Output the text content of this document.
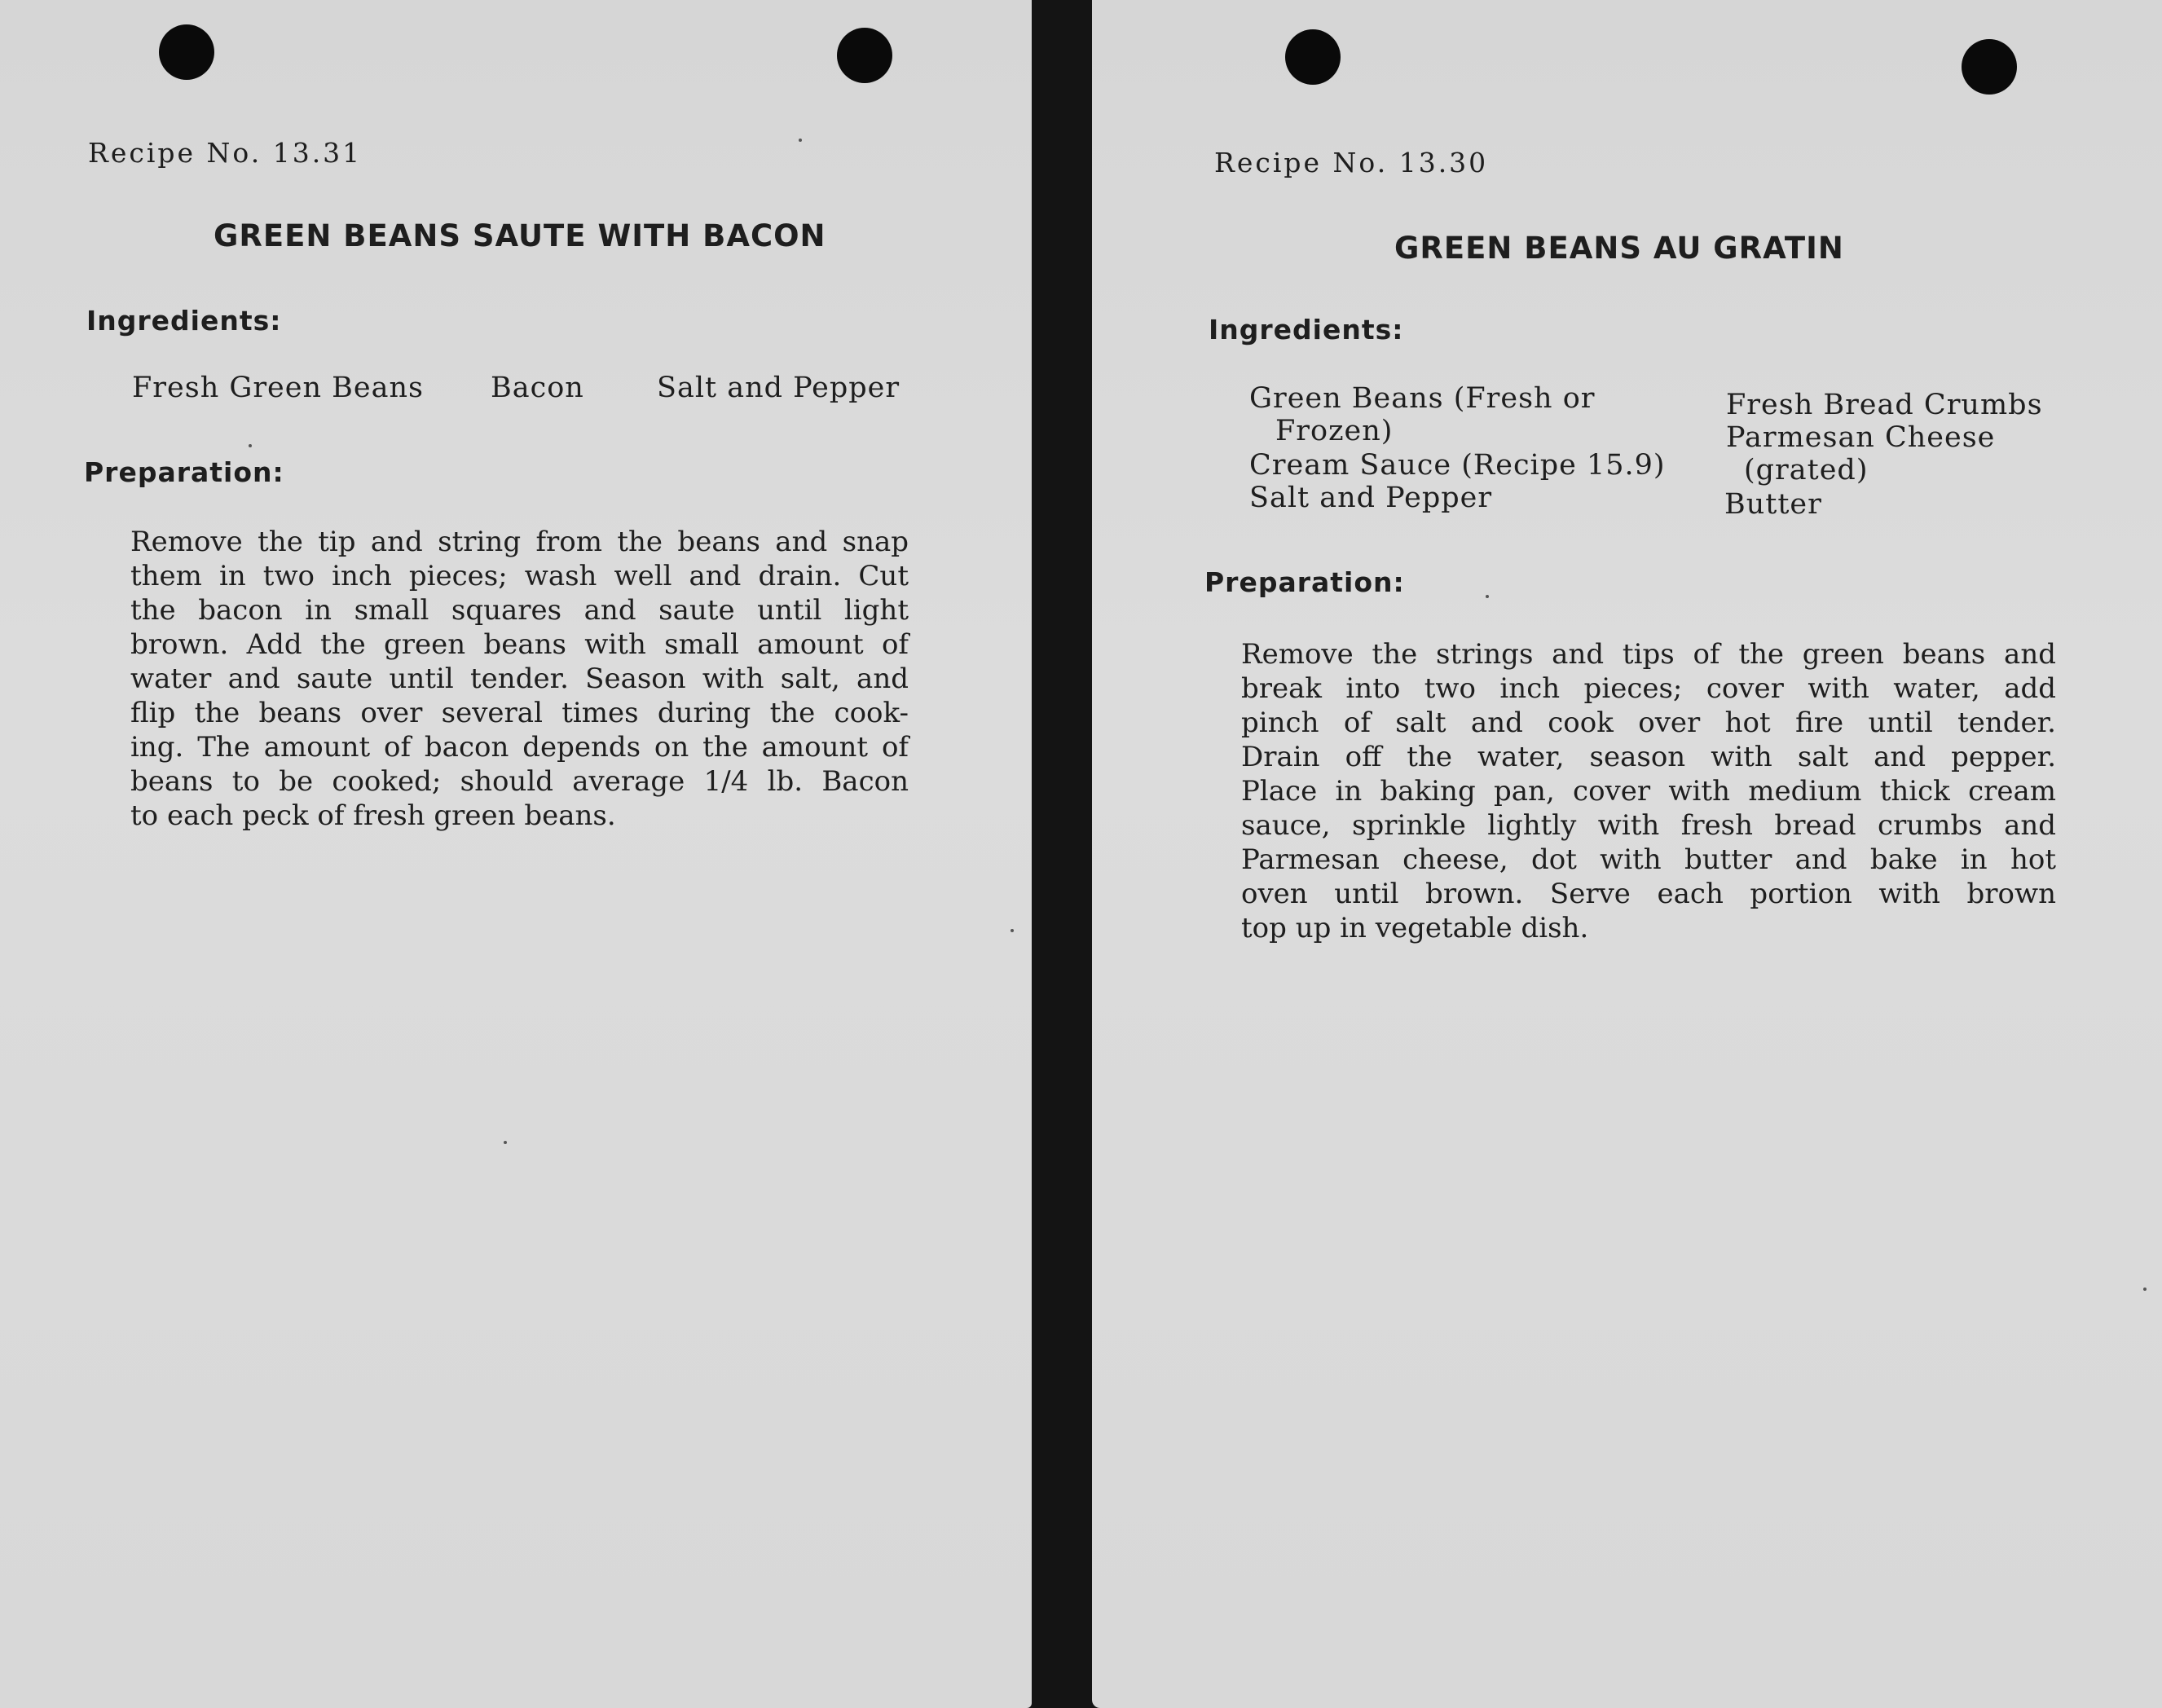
Recipe No. 13.31
GREEN BEANS SAUTE WITH BACON
Ingredients:
Fresh Green Beans Bacon	Salt and Pepper
Preparation:
Remove the tip and string from the beans and snap
them in two inch pieces; wash well and drain. Cut
the bacon in small squares and saute until light
brown. Add the green beans with small amount of
water and saute until tender. Season with salt, and
flip the beans over several times during the cook-
ing. The amount of bacon depends on the amount of
beans to be cooked; should average 1/4 lb. Bacon
to each peck of fresh green beans.
Recipe No. 13.30
GREEN BEANS AU GRATIN
Ingredients:
Green Beans (Fresh or
Frozen)
Cream Sauce (Recipe 15.9)
Salt and Pepper
Fresh Bread Crumbs
Parmesan Cheese
(grated)
Butter
Preparation:
Remove the strings and tips of the green beans and
break into two inch pieces; cover with water, add
pinch of salt and cook over hot fire until tender.
Drain off the water, season with salt and pepper.
Place in baking pan, cover with medium thick cream
sauce, sprinkle lightly with fresh bread crumbs and
Parmesan cheese, dot with butter and bake in hot
oven until brown. Serve each portion with brown
top up in vegetable dish.
